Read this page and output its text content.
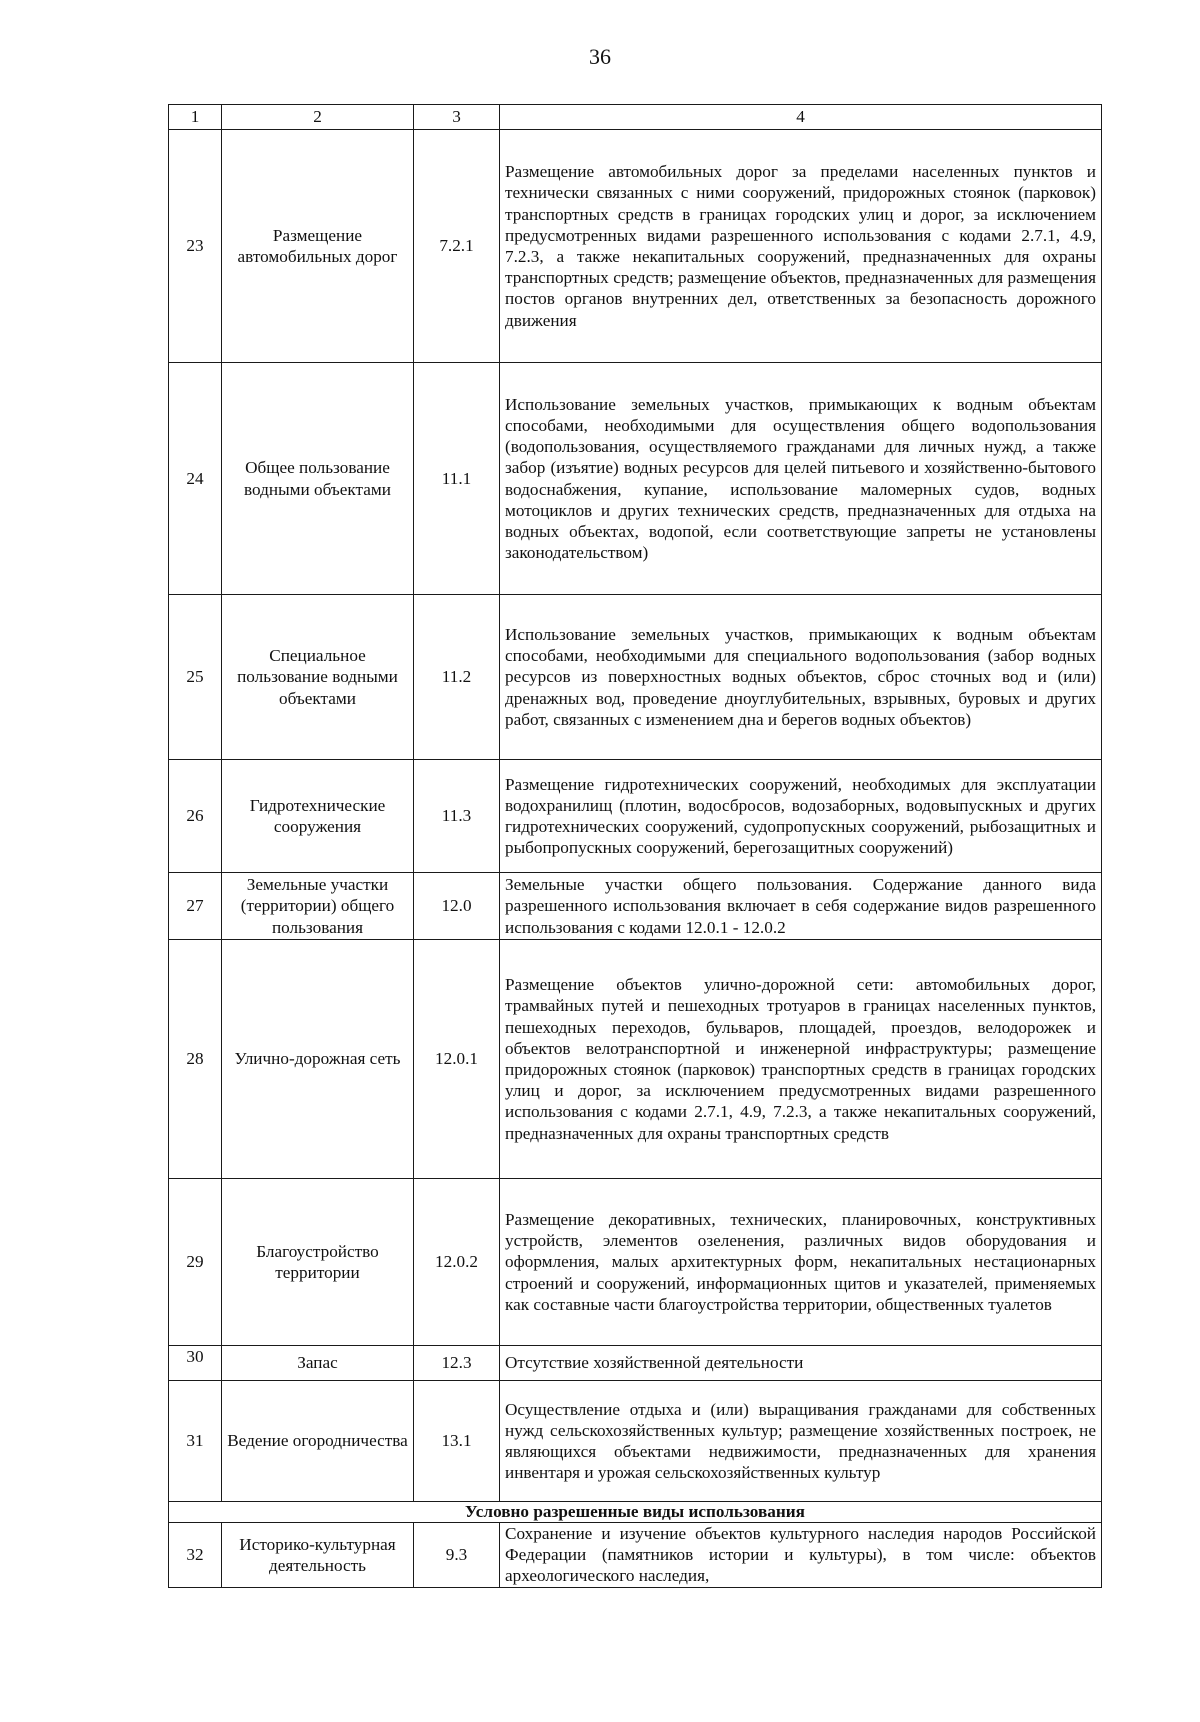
36
1	2	3	4
23	Размещение автомобильных дорог	7.2.1	Размещение автомобильных дорог за пределами населенных пунктов и технически связанных с ними сооружений, придорожных стоянок (парковок) транспортных средств в границах городских улиц и дорог, за исключением предусмотренных видами разрешенного использования с кодами 2.7.1, 4.9, 7.2.3, а также некапитальных сооружений, предназначенных для охраны транспортных средств; размещение объектов, предназначенных для размещения постов органов внутренних дел, ответственных за безопасность дорожного движения
24	Общее пользование водными объектами	11.1	Использование земельных участков, примыкающих к водным объектам способами, необходимыми для осуществления общего водопользования (водопользования, осуществляемого гражданами для личных нужд, а также забор (изъятие) водных ресурсов для целей питьевого и хозяйственно-бытового водоснабжения, купание, использование маломерных судов, водных мотоциклов и других технических средств, предназначенных для отдыха на водных объектах, водопой, если соответствующие запреты не установлены законодательством)
25	Специальное пользование водными объектами	11.2	Использование земельных участков, примыкающих к водным объектам способами, необходимыми для специального водопользования (забор водных ресурсов из поверхностных водных объектов, сброс сточных вод и (или) дренажных вод, проведение дноуглубительных, взрывных, буровых и других работ, связанных с изменением дна и берегов водных объектов)
26	Гидротехнические сооружения	11.3	Размещение гидротехнических сооружений, необходимых для эксплуатации водохранилищ (плотин, водосбросов, водозаборных, водовыпускных и других гидротехнических сооружений, судопропускных сооружений, рыбозащитных и рыбопропускных сооружений, берегозащитных сооружений)
27	Земельные участки (территории) общего пользования	12.0	Земельные участки общего пользования. Содержание данного вида разрешенного использования включает в себя содержание видов разрешенного использования с кодами 12.0.1 - 12.0.2
28	Улично-дорожная сеть	12.0.1	Размещение объектов улично-дорожной сети: автомобильных дорог, трамвайных путей и пешеходных тротуаров в границах населенных пунктов, пешеходных переходов, бульваров, площадей, проездов, велодорожек и объектов велотранспортной и инженерной инфраструктуры; размещение придорожных стоянок (парковок) транспортных средств в границах городских улиц и дорог, за исключением предусмотренных видами разрешенного использования с кодами 2.7.1, 4.9, 7.2.3, а также некапитальных сооружений, предназначенных для охраны транспортных средств
29	Благоустройство территории	12.0.2	Размещение декоративных, технических, планировочных, конструктивных устройств, элементов озеленения, различных видов оборудования и оформления, малых архитектурных форм, некапитальных нестационарных строений и сооружений, информационных щитов и указателей, применяемых как составные части благоустройства территории, общественных туалетов
30	Запас	12.3	Отсутствие хозяйственной деятельности
31	Ведение огородничества	13.1	Осуществление отдыха и (или) выращивания гражданами для собственных нужд сельскохозяйственных культур; размещение хозяйственных построек, не являющихся объектами недвижимости, предназначенных для хранения инвентаря и урожая сельскохозяйственных культур
Условно разрешенные виды использования			
32	Историко-культурная деятельность	9.3	Сохранение и изучение объектов культурного наследия народов Российской Федерации (памятников истории и культуры), в том числе: объектов археологического наследия,
